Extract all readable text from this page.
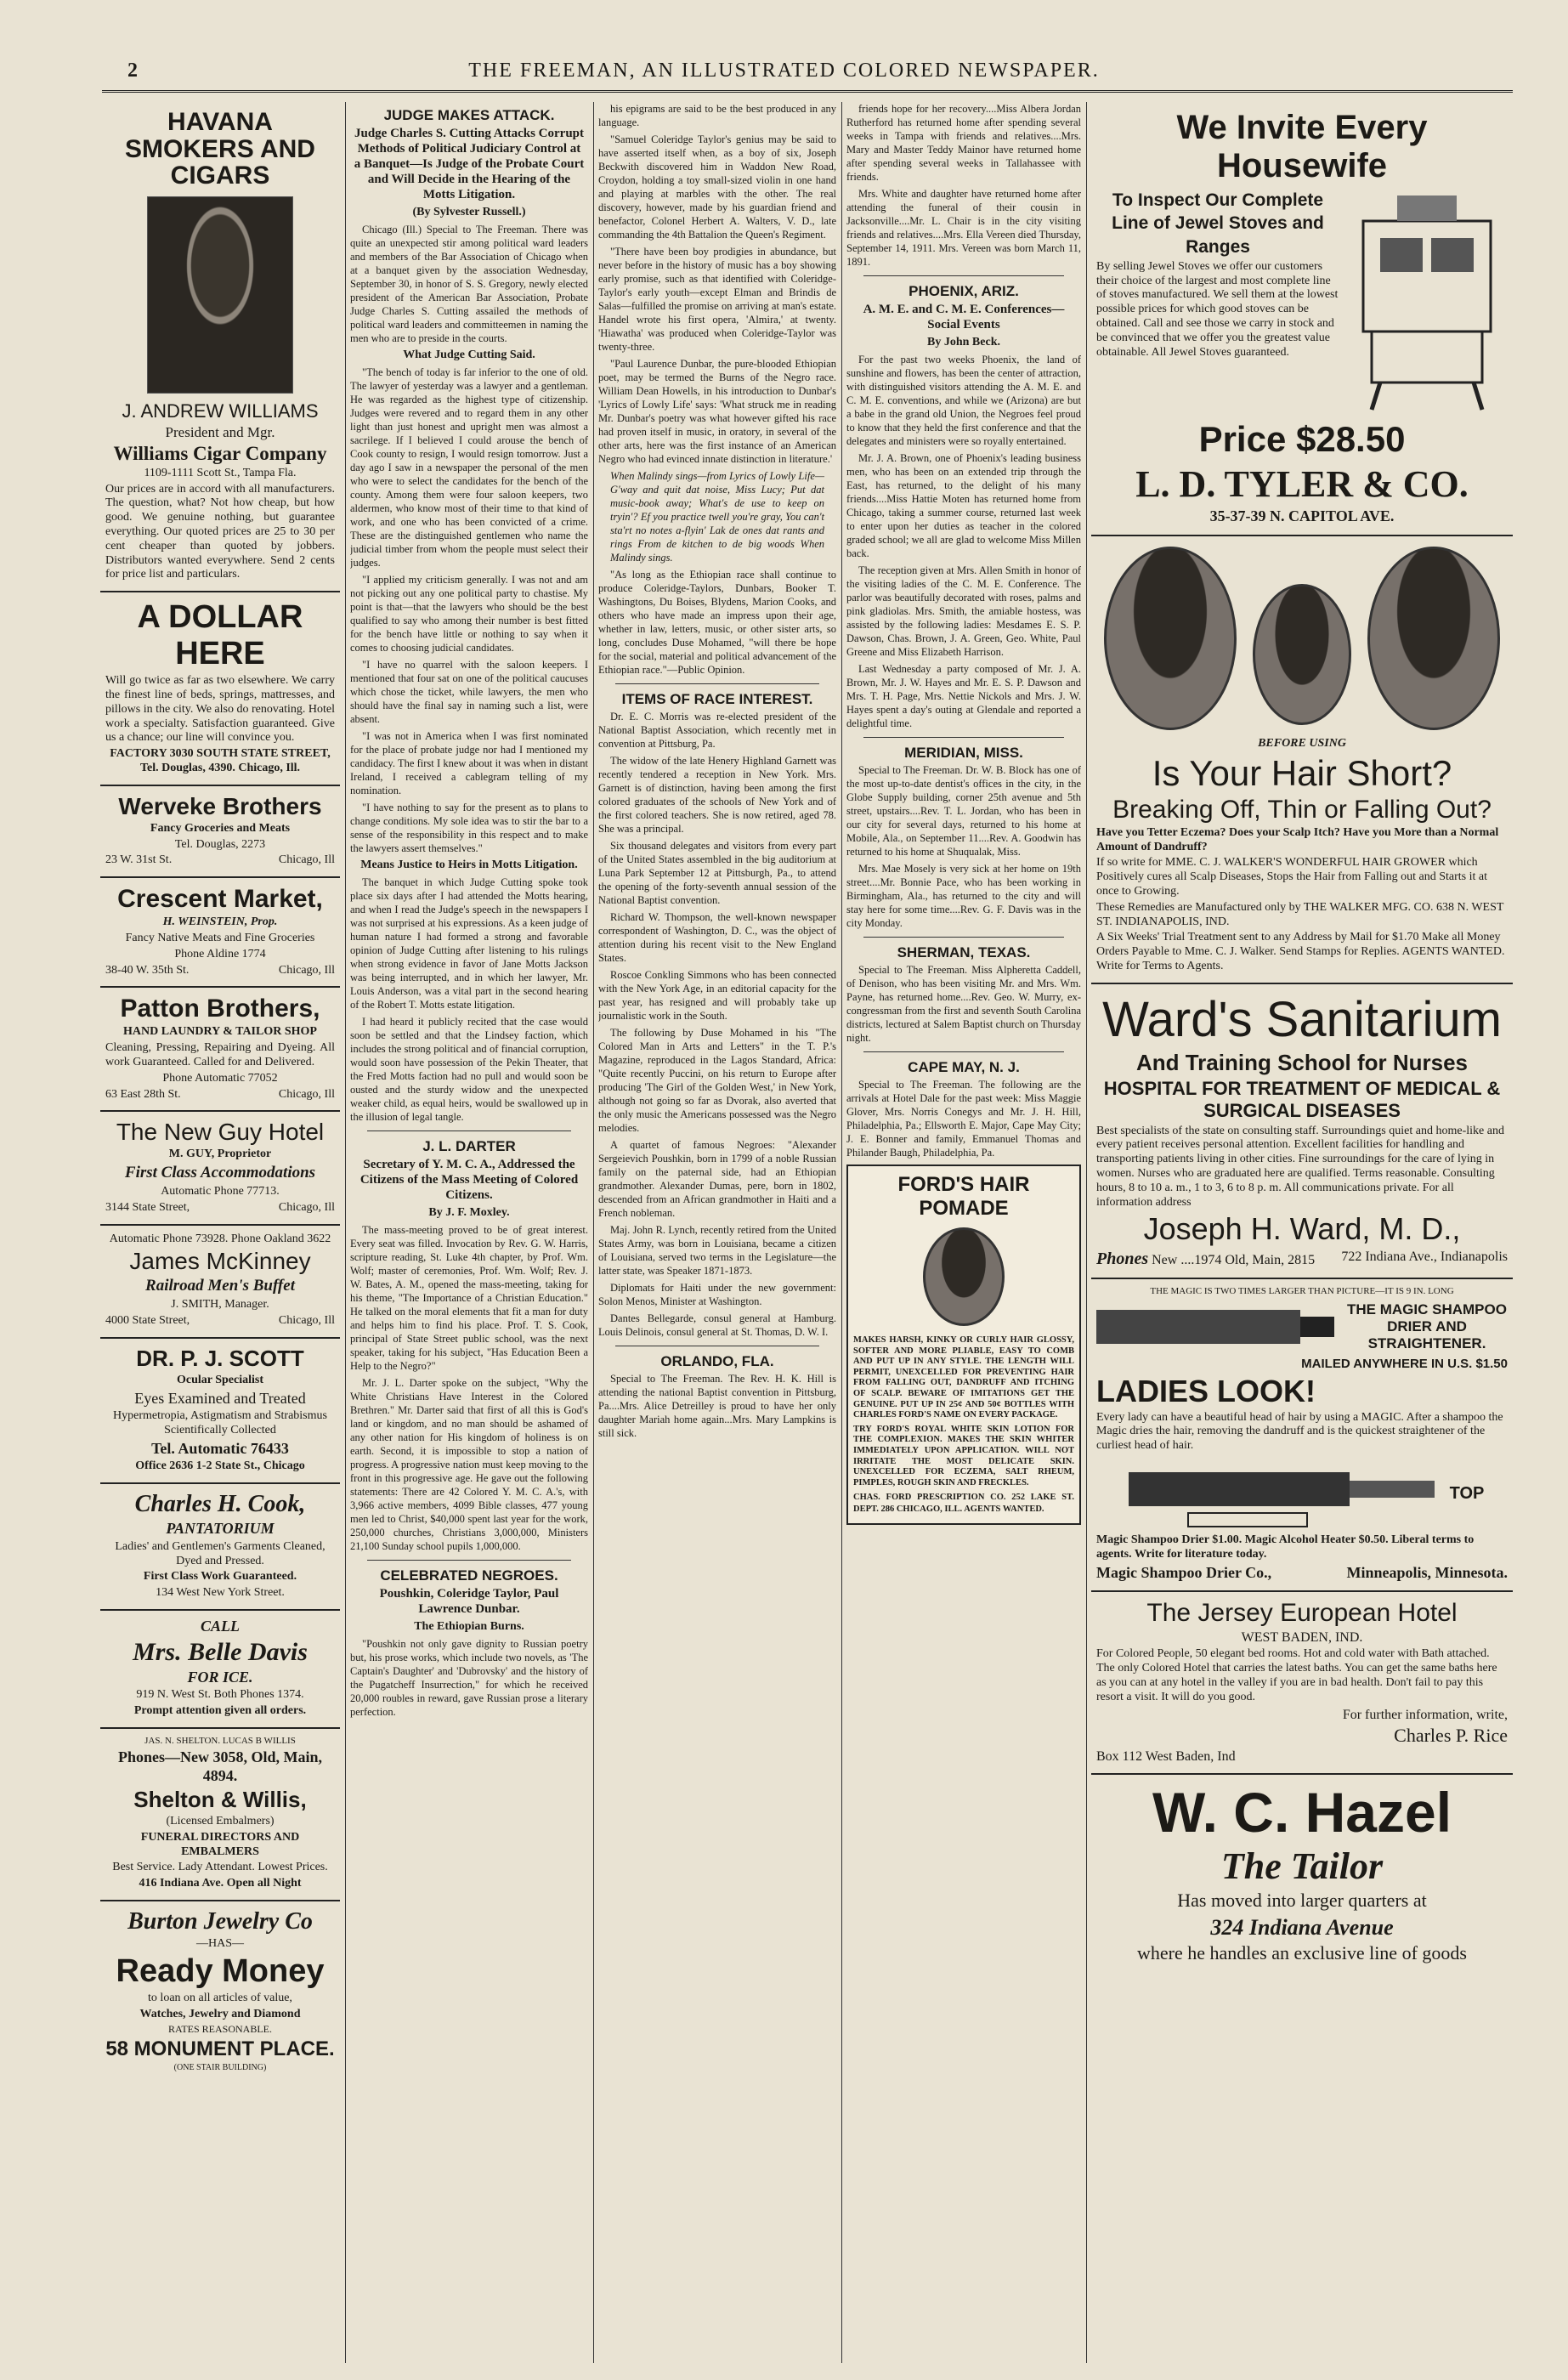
2	THE FREEMAN, AN ILLUSTRATED COLORED NEWSPAPER.
HAVANA SMOKERS AND CIGARS
J. ANDREW WILLIAMS

President and Mgr.

Williams Cigar Company

1109-1111 Scott St., Tampa Fla.

Our prices are in accord with all manufacturers. The question, what? Not how cheap, but how good. We genuine nothing, but guarantee everything. Our quoted prices are 25 to 30 per cent cheaper than quoted by jobbers. Distributors wanted everywhere. Send 2 cents for price list and particulars.

A DOLLAR HERE

Will go twice as far as two elsewhere. We carry the finest line of beds, springs, mattresses, and pillows in the city. We also do renovating. Hotel work a specialty. Satisfaction guaranteed. Give us a chance; our line will convince you.

FACTORY 3030 SOUTH STATE STREET, Tel. Douglas, 4390. Chicago, Ill.

Werveke Brothers

Fancy Groceries and Meats

Tel. Douglas, 2273

23 W. 31st St.	Chicago, Ill

Crescent Market,

H. WEINSTEIN, Prop.

Fancy Native Meats and Fine Groceries

Phone Aldine 1774

38-40 W. 35th St.	Chicago, Ill

Patton Brothers,

HAND LAUNDRY & TAILOR SHOP

Cleaning, Pressing, Repairing and Dyeing. All work Guaranteed. Called for and Delivered.

Phone Automatic 77052

63 East 28th St.	Chicago, Ill

The New Guy Hotel

M. GUY, Proprietor

First Class Accommodations

Automatic Phone 77713.

3144 State Street,	Chicago, Ill

Automatic Phone 73928. Phone Oakland 3622

James McKinney

Railroad Men's Buffet

J. SMITH, Manager.

4000 State Street,	Chicago, Ill

DR. P. J. SCOTT

Ocular Specialist

Eyes Examined and Treated

Hypermetropia, Astigmatism and Strabismus Scientifically Collected

Tel. Automatic 76433

Office 2636 1-2 State St., Chicago

Charles H. Cook,

PANTATORIUM

Ladies' and Gentlemen's Garments Cleaned, Dyed and Pressed.

First Class Work Guaranteed.

134 West New York Street.

CALL

Mrs. Belle Davis

FOR ICE.

919 N. West St. Both Phones 1374.

Prompt attention given all orders.

JAS. N. SHELTON. LUCAS B WILLIS

Phones—New 3058, Old, Main, 4894.

Shelton & Willis,

(Licensed Embalmers)

FUNERAL DIRECTORS AND EMBALMERS

Best Service. Lady Attendant. Lowest Prices.

416 Indiana Ave. Open all Night

Burton Jewelry Co

—HAS—

Ready Money

to loan on all articles of value,

Watches, Jewelry and Diamond

RATES REASONABLE.

58 MONUMENT PLACE.

(ONE STAIR BUILDING)

JUDGE MAKES ATTACK.
Judge Charles S. Cutting Attacks Corrupt Methods of Political Judiciary Control at a Banquet—Is Judge of the Probate Court and Will Decide in the Hearing of the Motts Litigation.
(By Sylvester Russell.)

Chicago (Ill.) Special to The Freeman. There was quite an unexpected stir among political ward leaders and members of the Bar Association of Chicago when at a banquet given by the association Wednesday, September 30, in honor of S. S. Gregory, newly elected president of the American Bar Association, Probate Judge Charles S. Cutting assailed the methods of political ward leaders and committeemen in naming the men who are to preside in the courts.

What Judge Cutting Said.

"The bench of today is far inferior to the one of old. The lawyer of yesterday was a lawyer and a gentleman. He was regarded as the highest type of citizenship. Judges were revered and to regard them in any other light than just honest and upright men was almost a sacrilege. If I believed I could arouse the bench of Cook county to resign, I would resign tomorrow. Just a day ago I saw in a newspaper the personal of the men who were to select the candidates for the bench of the county. Among them were four saloon keepers, two aldermen, who know most of their time to that kind of work, and one who has been convicted of a crime. These are the distinguished gentlemen who name the judicial timber from whom the people must select their judges.

"I applied my criticism generally. I was not and am not picking out any one political party to chastise. My point is that—that the lawyers who should be the best qualified to say who among their number is best fitted for the bench have little or nothing to say when it comes to choosing judicial candidates.

"I have no quarrel with the saloon keepers. I mentioned that four sat on one of the political caucuses which chose the ticket, while lawyers, the men who should have the final say in naming such a list, were absent.

"I was not in America when I was first nominated for the place of probate judge nor had I mentioned my candidacy. The first I knew about it was when in distant Ireland, I received a cablegram telling of my nomination.

"I have nothing to say for the present as to plans to change conditions. My sole idea was to stir the bar to a sense of the responsibility in this respect and to make the lawyers assert themselves."

Means Justice to Heirs in Motts Litigation.

The banquet in which Judge Cutting spoke took place six days after I had attended the Motts hearing, and when I read the Judge's speech in the newspapers I was not surprised at his expressions. As a keen judge of human nature I had formed a strong and favorable opinion of Judge Cutting after listening to his rulings when strong evidence in favor of Jane Motts Jackson was being interrupted, and in which her lawyer, Mr. Louis Anderson, was a vital part in the second hearing of the Robert T. Motts estate litigation.

I had heard it publicly recited that the case would soon be settled and that the Lindsey faction, which includes the strong political and of financial corruption, would soon have possession of the Pekin Theater, that the Fred Motts faction had no pull and would soon be ousted and the sturdy widow and the unexpected weaker child, as equal heirs, would be swallowed up in the illusion of legal tangle.

J. L. DARTER
Secretary of Y. M. C. A., Addressed the Citizens of the Mass Meeting of Colored Citizens.
By J. F. Moxley.

The mass-meeting proved to be of great interest. Every seat was filled. Invocation by Rev. G. W. Harris, scripture reading, St. Luke 4th chapter, by Prof. Wm. Wolf; master of ceremonies, Prof. Wm. Wolf; Rev. J. W. Bates, A. M., opened the mass-meeting, taking for his theme, "The Importance of a Christian Education." He talked on the moral elements that fit a man for duty and helps him to find his place. Prof. T. S. Cook, principal of State Street public school, was the next speaker, taking for his subject, "Has Education Been a Help to the Negro?"

Mr. J. L. Darter spoke on the subject, "Why the White Christians Have Interest in the Colored Brethren." Mr. Darter said that first of all this is God's land or kingdom, and no man should be ashamed of any other nation for His kingdom of holiness is on earth. Second, it is impossible to stop a nation of progress. A progressive nation must keep moving to the front in this progressive age. He gave out the following statements: There are 42 Colored Y. M. C. A.'s, with 3,966 active members, 4099 Bible classes, 477 young men led to Christ, $40,000 spent last year for the work, 250,000 churches, Christians 3,000,000, Ministers 21,100 Sunday school pupils 1,000,000.

CELEBRATED NEGROES.
Poushkin, Coleridge Taylor, Paul Lawrence Dunbar.
The Ethiopian Burns.

"Poushkin not only gave dignity to Russian poetry but, his prose works, which include two novels, as 'The Captain's Daughter' and 'Dubrovsky' and the history of the Pugatcheff Insurrection," for which he received 20,000 roubles in reward, gave Russian prose a literary perfection.

his epigrams are said to be the best produced in any language.

"Samuel Coleridge Taylor's genius may be said to have asserted itself when, as a boy of six, Joseph Beckwith discovered him in Waddon New Road, Croydon, holding a toy small-sized violin in one hand and playing at marbles with the other. The real discovery, however, made by his guardian friend and benefactor, Colonel Herbert A. Walters, V. D., late commanding the 4th Battalion the Queen's Regiment.

"There have been boy prodigies in abundance, but never before in the history of music has a boy showing early promise, such as that identified with Coleridge-Taylor's early youth—except Elman and Brindis de Salas—fulfilled the promise on arriving at man's estate. Handel wrote his first opera, 'Almira,' at twenty. 'Hiawatha' was produced when Coleridge-Taylor was twenty-three.

"Paul Laurence Dunbar, the pure-blooded Ethiopian poet, may be termed the Burns of the Negro race. William Dean Howells, in his introduction to Dunbar's 'Lyrics of Lowly Life' says: 'What struck me in reading Mr. Dunbar's poetry was what however gifted his race had proven itself in music, in oratory, in several of the other arts, here was the first instance of an American Negro who had evinced innate distinction in literature.'

When Malindy sings—from Lyrics of Lowly Life—G'way and quit dat noise, Miss Lucy; Put dat music-book away; What's de use to keep on tryin'? Ef you practice twell you're gray, You can't sta'rt no notes a-flyin' Lak de ones dat rants and rings From de kitchen to de big woods When Malindy sings.

"As long as the Ethiopian race shall continue to produce Coleridge-Taylors, Dunbars, Booker T. Washingtons, Du Boises, Blydens, Marion Cooks, and others who have made an impress upon their age, whether in law, letters, music, or other sister arts, so long, concludes Duse Mohamed, "will there be hope for the social, material and political advancement of the Ethiopian race."—Public Opinion.

ITEMS OF RACE INTEREST.

Dr. E. C. Morris was re-elected president of the National Baptist Association, which recently met in convention at Pittsburg, Pa.

The widow of the late Henery Highland Garnett was recently tendered a reception in New York. Mrs. Garnett is of distinction, having been among the first colored graduates of the schools of New York and of the first colored teachers. She is now retired, aged 78. She was a principal.

Six thousand delegates and visitors from every part of the United States assembled in the big auditorium at Luna Park September 12 at Pittsburgh, Pa., to attend the opening of the forty-seventh annual session of the National Baptist convention.

Richard W. Thompson, the well-known newspaper correspondent of Washington, D. C., was the object of attention during his recent visit to the New England States.

Roscoe Conkling Simmons who has been connected with the New York Age, in an editorial capacity for the past year, has resigned and will probably take up journalistic work in the South.

The following by Duse Mohamed in his "The Colored Man in Arts and Letters" in the T. P.'s Magazine, reproduced in the Lagos Standard, Africa: "Quite recently Puccini, on his return to Europe after producing 'The Girl of the Golden West,' in New York, although not going so far as Dvorak, also averted that the only music the Americans possessed was the Negro melodies.

A quartet of famous Negroes: "Alexander Sergeievich Poushkin, born in 1799 of a noble Russian family on the paternal side, had an Ethiopian grandmother. Alexander Dumas, pere, born in 1802, descended from an African grandmother in Haiti and a French nobleman.

Maj. John R. Lynch, recently retired from the United States Army, was born in Louisiana, became a citizen of Louisiana, served two terms in the Legislature—the latter state, was Speaker 1871-1873.

Diplomats for Haiti under the new government: Solon Menos, Minister at Washington.

Dantes Bellegarde, consul general at Hamburg. Louis Delinois, consul general at St. Thomas, D. W. I.

ORLANDO, FLA.

Special to The Freeman. The Rev. H. K. Hill is attending the national Baptist convention in Pittsburg, Pa....Mrs. Alice Detreilley is proud to have her only daughter Mariah home again...Mrs. Mary Lampkins is still sick.

friends hope for her recovery....Miss Albera Jordan Rutherford has returned home after spending several weeks in Tampa with friends and relatives....Mrs. Mary and Master Teddy Mainor have returned home after spending several weeks in Tallahassee with friends.

Mrs. White and daughter have returned home after attending the funeral of their cousin in Jacksonville....Mr. L. Chair is in the city visiting friends and relatives....Mrs. Ella Vereen died Thursday, September 14, 1911. Mrs. Vereen was born March 11, 1891.

PHOENIX, ARIZ.
A. M. E. and C. M. E. Conferences—Social Events
By John Beck.

For the past two weeks Phoenix, the land of sunshine and flowers, has been the center of attraction, with distinguished visitors attending the A. M. E. and C. M. E. conventions, and while we (Arizona) are but a babe in the grand old Union, the Negroes feel proud to know that they held the first conference and that the delegates and ministers were so royally entertained.

Mr. J. A. Brown, one of Phoenix's leading business men, who has been on an extended trip through the East, has returned, to the delight of his many friends....Miss Hattie Moten has returned home from Chicago, taking a summer course, returned last week to enter upon her duties as teacher in the colored graded school; we all are glad to welcome Miss Millen back.

The reception given at Mrs. Allen Smith in honor of the visiting ladies of the C. M. E. Conference. The parlor was beautifully decorated with roses, palms and pink gladiolas. Mrs. Smith, the amiable hostess, was assisted by the following ladies: Mesdames E. S. P. Dawson, Chas. Brown, J. A. Green, Geo. White, Paul Greene and Miss Elizabeth Harrison.

Last Wednesday a party composed of Mr. J. A. Brown, Mr. J. W. Hayes and Mr. E. S. P. Dawson and Mrs. T. H. Page, Mrs. Nettie Nickols and Mrs. J. W. Hayes spent a day's outing at Glendale and reported a delightful time.

MERIDIAN, MISS.

Special to The Freeman. Dr. W. B. Block has one of the most up-to-date dentist's offices in the city, in the Globe Supply building, corner 25th avenue and 5th street, upstairs....Rev. T. L. Jordan, who has been in our city for several days, returned to his home at Mobile, Ala., on September 11....Rev. A. Goodwin has returned to his home at Shuqualak, Miss.

Mrs. Mae Mosely is very sick at her home on 19th street....Mr. Bonnie Pace, who has been working in Birmingham, Ala., has returned to the city and will stay here for some time....Rev. G. F. Davis was in the city Monday.

SHERMAN, TEXAS.

Special to The Freeman. Miss Alpheretta Caddell, of Denison, who has been visiting Mr. and Mrs. Wm. Payne, has returned home....Rev. Geo. W. Murry, ex-congressman from the first and seventh South Carolina districts, lectured at Salem Baptist church on Thursday night.

CAPE MAY, N. J.

Special to The Freeman. The following are the arrivals at Hotel Dale for the past week: Miss Maggie Glover, Mrs. Norris Conegys and Mr. J. H. Hill, Philadelphia, Pa.; Ellsworth E. Major, Cape May City; J. E. Bonner and family, Emmanuel Thomas and Philander Baugh, Philadelphia, Pa.

FORD'S HAIR POMADE

MAKES HARSH, KINKY OR CURLY HAIR GLOSSY, SOFTER AND MORE PLIABLE, EASY TO COMB AND PUT UP IN ANY STYLE. THE LENGTH WILL PERMIT, UNEXCELLED FOR PREVENTING HAIR FROM FALLING OUT, DANDRUFF AND ITCHING OF SCALP. BEWARE OF IMITATIONS GET THE GENUINE. PUT UP IN 25¢ AND 50¢ BOTTLES WITH CHARLES FORD'S NAME ON EVERY PACKAGE.

TRY FORD'S ROYAL WHITE SKIN LOTION FOR THE COMPLEXION. MAKES THE SKIN WHITER IMMEDIATELY UPON APPLICATION. WILL NOT IRRITATE THE MOST DELICATE SKIN. UNEXCELLED FOR ECZEMA, SALT RHEUM, PIMPLES, ROUGH SKIN AND FRECKLES.

CHAS. FORD PRESCRIPTION CO. 252 LAKE ST. DEPT. 286 CHICAGO, ILL. AGENTS WANTED.

We Invite Every Housewife

To Inspect Our Complete Line of Jewel Stoves and Ranges

By selling Jewel Stoves we offer our customers their choice of the largest and most complete line of stoves manufactured. We sell them at the lowest possible prices for which good stoves can be obtained. Call and see those we carry in stock and be convinced that we offer you the greatest value obtainable. All Jewel Stoves guaranteed.

Price $28.50

L. D. TYLER & CO.

35-37-39 N. CAPITOL AVE.

BEFORE USING

Is Your Hair Short?
Breaking Off, Thin or Falling Out?

Have you Tetter Eczema? Does your Scalp Itch? Have you More than a Normal Amount of Dandruff?

If so write for MME. C. J. WALKER'S WONDERFUL HAIR GROWER which Positively cures all Scalp Diseases, Stops the Hair from Falling out and Starts it at once to Growing.

These Remedies are Manufactured only by THE WALKER MFG. CO. 638 N. WEST ST. INDIANAPOLIS, IND.

A Six Weeks' Trial Treatment sent to any Address by Mail for $1.70 Make all Money Orders Payable to Mme. C. J. Walker. Send Stamps for Replies. AGENTS WANTED. Write for Terms to Agents.

Ward's Sanitarium
And Training School for Nurses

HOSPITAL FOR TREATMENT OF MEDICAL & SURGICAL DISEASES

Best specialists of the state on consulting staff. Surroundings quiet and home-like and every patient receives personal attention. Excellent facilities for handling and transporting patients living in other cities. Fine surroundings for the care of lying in women. Nurses who are graduated here are qualified. Terms reasonable. Consulting hours, 8 to 10 a. m., 1 to 3, 6 to 8 p. m. All communications private. For all information address

Joseph H. Ward, M. D.,

Phones New ....1974 Old, Main, 2815 722 Indiana Ave., Indianapolis

THE MAGIC IS TWO TIMES LARGER THAN PICTURE—IT IS 9 IN. LONG

THE MAGIC SHAMPOO DRIER AND STRAIGHTENER.

MAILED ANYWHERE IN U.S. $1.50

LADIES LOOK!

Every lady can have a beautiful head of hair by using a MAGIC. After a shampoo the Magic dries the hair, removing the dandruff and is the quickest straightener of the curliest head of hair.

TOP

Magic Shampoo Drier $1.00. Magic Alcohol Heater $0.50. Liberal terms to agents. Write for literature today.

Magic Shampoo Drier Co.,	Minneapolis, Minnesota.

The Jersey European Hotel

WEST BADEN, IND.

For Colored People, 50 elegant bed rooms. Hot and cold water with Bath attached. The only Colored Hotel that carries the latest baths. You can get the same baths here as you can at any hotel in the valley if you are in bad health. Don't fail to pay this resort a visit. It will do you good.

For further information, write,

Charles P. Rice

Box 112 West Baden, Ind

W. C. Hazel
The Tailor

Has moved into larger quarters at

324 Indiana Avenue

where he handles an exclusive line of goods
